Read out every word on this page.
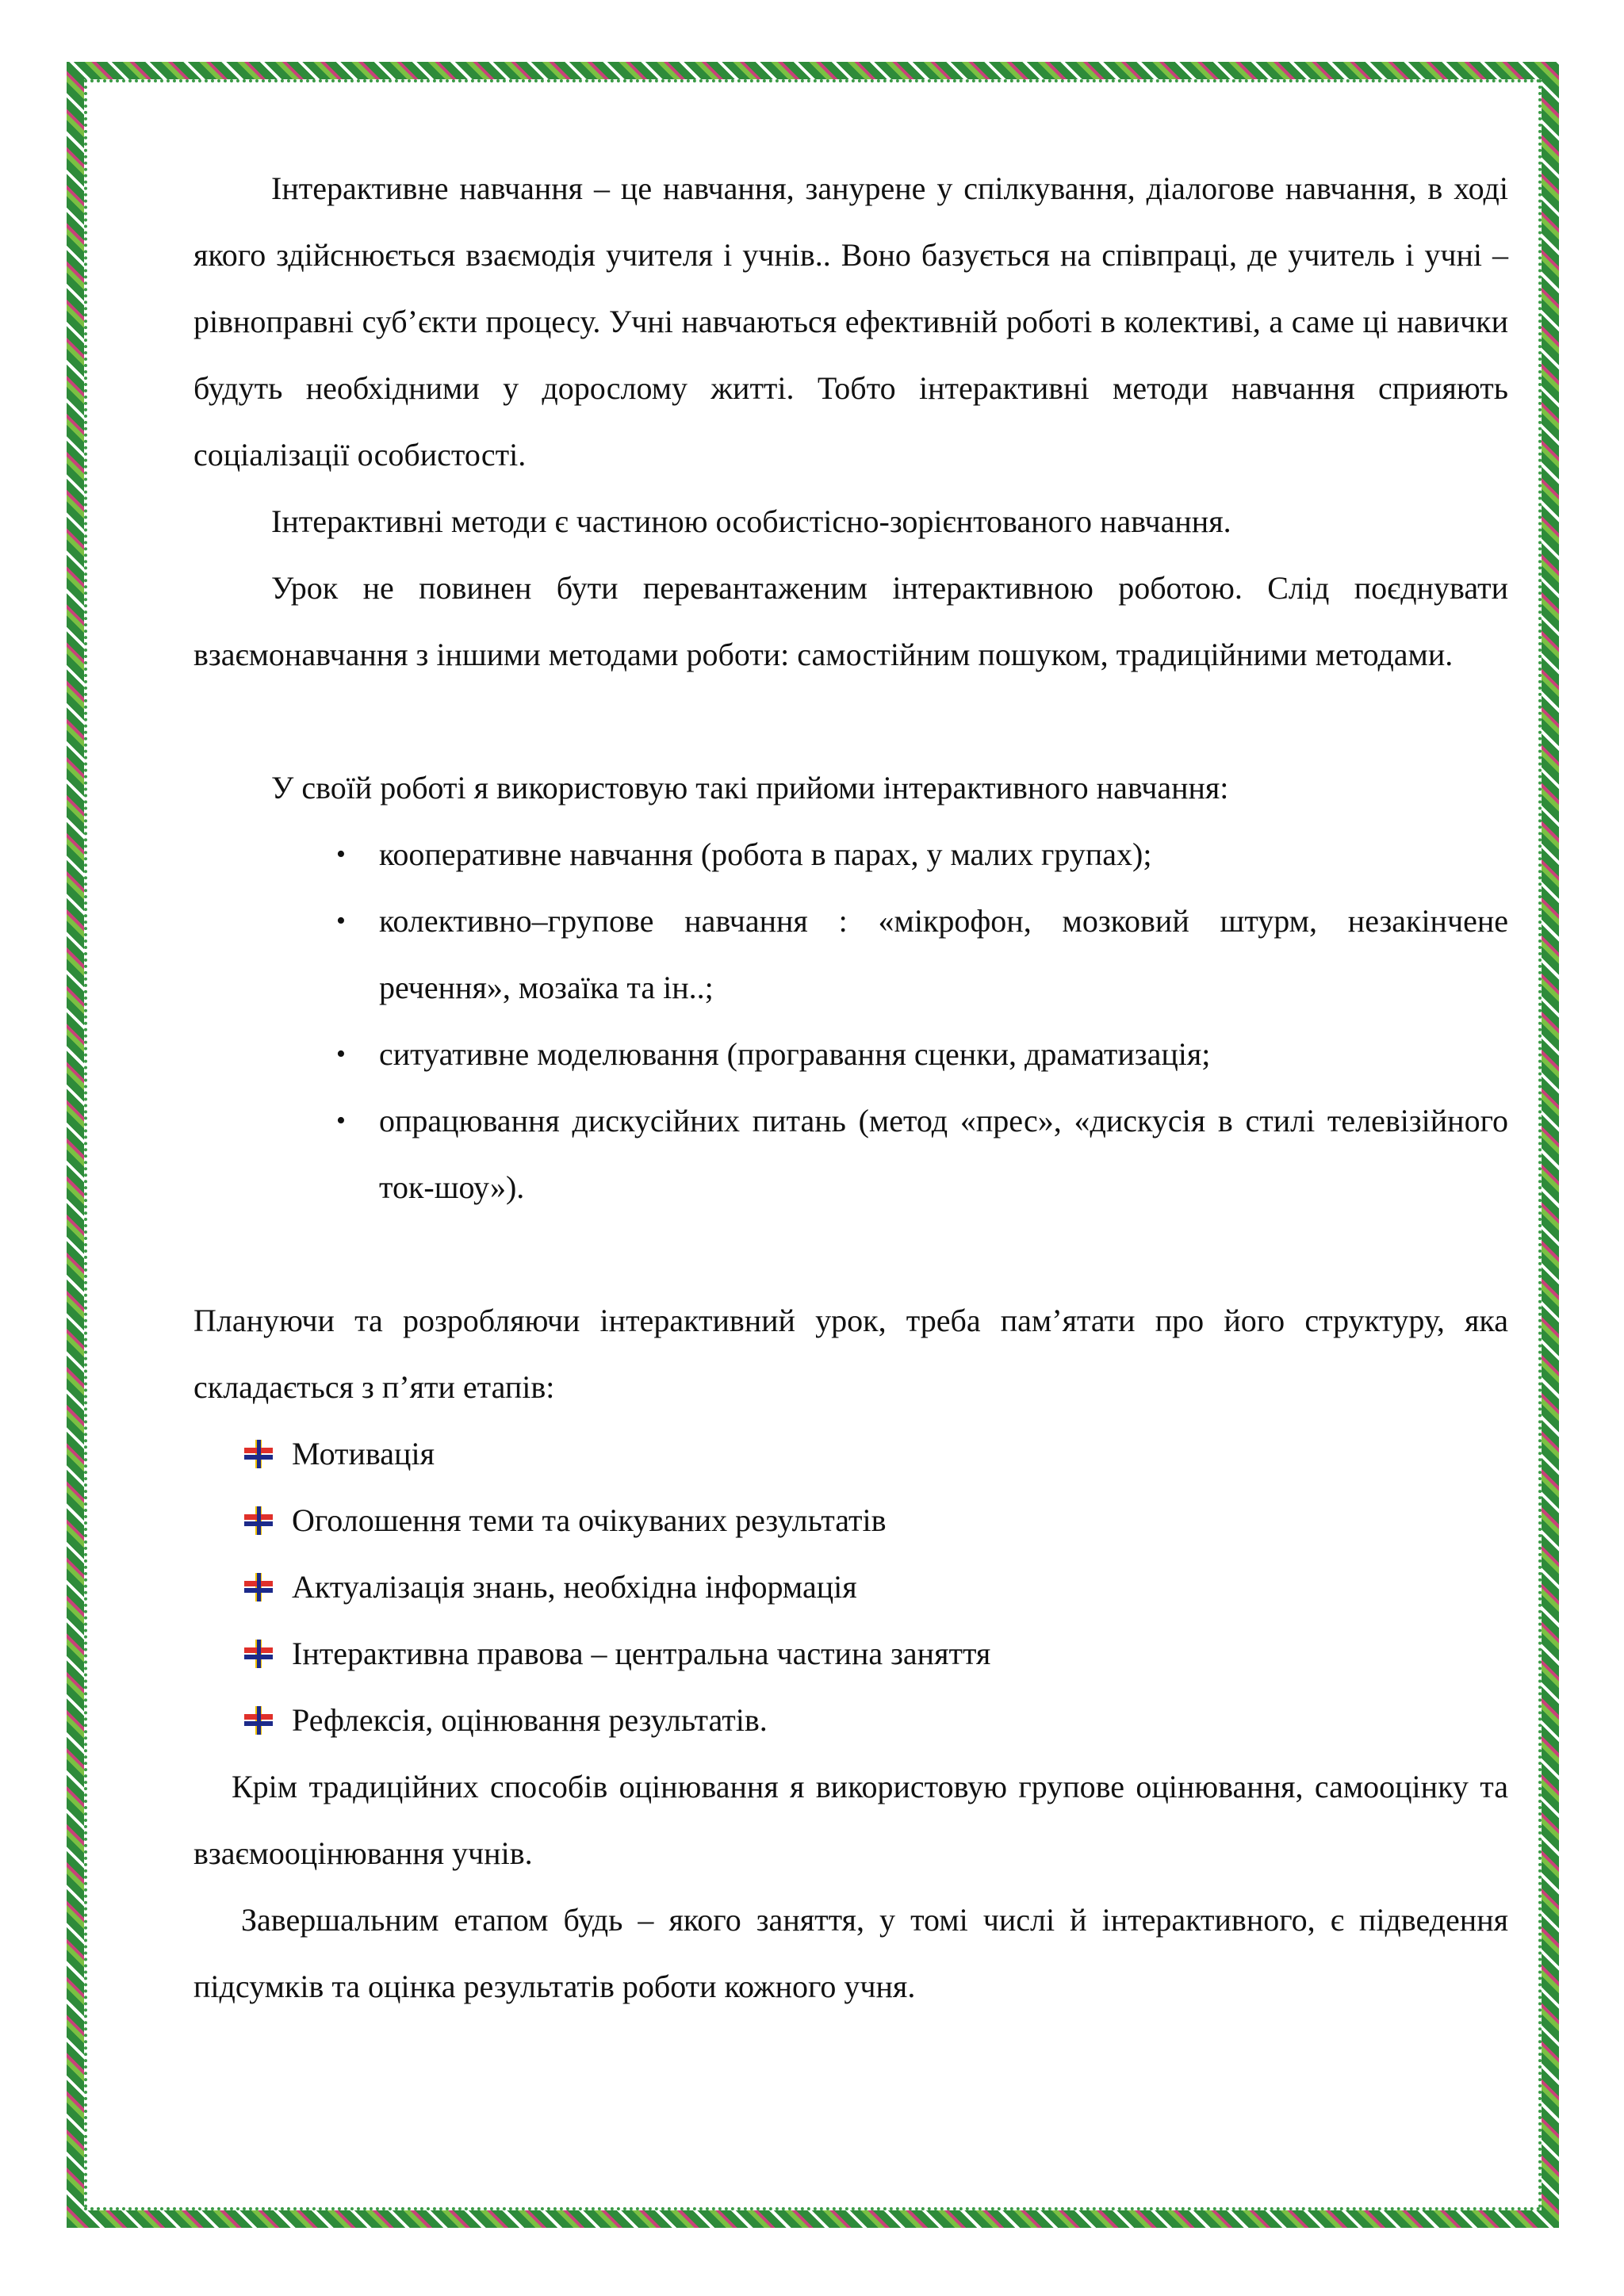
Інтерактивне навчання – це навчання, занурене у спілкування, діалогове навчання, в ході якого здійснюється взаємодія учителя і учнів.. Воно базується на співпраці, де учитель і учні – рівноправні суб’єкти процесу. Учні навчаються ефективній роботі в колективі, а саме ці навички будуть необхідними у дорослому житті. Тобто інтерактивні методи навчання сприяють соціалізації особистості.

Інтерактивні методи є частиною особистісно-зорієнтованого навчання.

Урок не повинен бути перевантаженим інтерактивною роботою. Слід поєднувати взаємонавчання з іншими методами роботи: самостійним пошуком, традиційними методами.

У своїй роботі я використовую такі прийоми інтерактивного навчання:

• кооперативне навчання (робота в парах, у малих групах);
• колективно–групове навчання : «мікрофон, мозковий штурм, незакінчене речення», мозаїка та ін..;
• ситуативне моделювання (програвання сценки, драматизація;
• опрацювання дискусійних питань (метод «прес», «дискусія в стилі телевізійного ток-шоу»).

Плануючи та розробляючи інтерактивний урок, треба пам’ятати про його структуру, яка складається з п’яти етапів:

Мотивація
Оголошення теми та очікуваних результатів
Актуалізація знань, необхідна інформація
Інтерактивна правова – центральна частина заняття
Рефлексія, оцінювання результатів.

Крім традиційних способів оцінювання я використовую групове оцінювання, самооцінку та взаємооцінювання учнів.

Завершальним етапом будь – якого заняття, у томі числі й інтерактивного, є підведення підсумків та оцінка результатів роботи кожного учня.
